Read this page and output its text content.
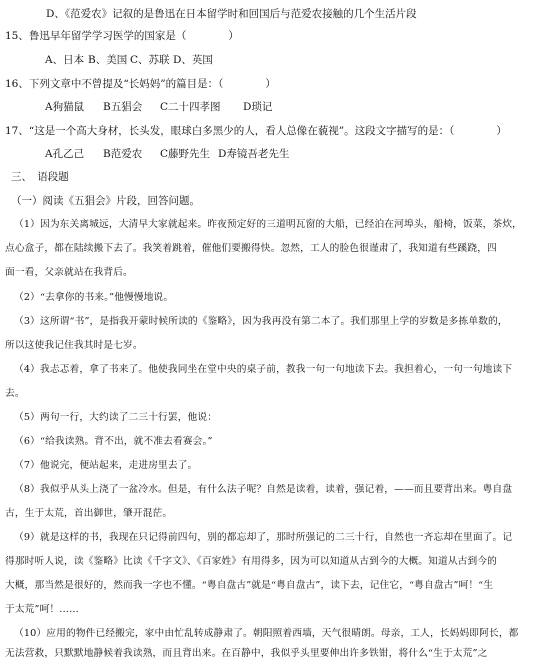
D、《范爱农》记叙的是鲁迅在日本留学时和回国后与范爱农接触的几个生活片段
15、鲁迅早年留学学习医学的国家是（　　　　）
A、日本 B、美国 C、苏联 D、英国
16、下列文章中不曾提及“长妈妈”的篇目是：（　　　　）
A狗猫鼠 B五猖会 C二十四孝图 D琐记
17、“这是一个高大身材，长头发，眼球白多黑少的人，看人总像在藐视”。这段文字描写的是：（　　　　）
A孔乙己 B范爱农 C藤野先生 D寿镜吾老先生
三、　语段题
（一）阅读《五猖会》片段，回答问题。
（1）因为东关离城远，大清早大家就起来。昨夜预定好的三道明瓦窗的大船，已经泊在河埠头，船椅，饭菜，茶炊，
点心盒子，都在陆续搬下去了。我笑着跳着，催他们要搬得快。忽然，工人的脸色很谨肃了，我知道有些蹊跷，四
面一看，父亲就站在我背后。
（2）“去拿你的书来。”他慢慢地说。
（3）这所谓“书”，是指我开蒙时候所读的《鉴略》，因为我再没有第二本了。我们那里上学的岁数是多拣单数的，
所以这使我记住我其时是七岁。
（4）我忐忑着，拿了书来了。他使我同坐在堂中央的桌子前，教我一句一句地读下去。我担着心，一句一句地读下
去。
（5）两句一行，大约读了二三十行罢，他说：
（6）“给我读熟。背不出，就不准去看赛会。”
（7）他说完，便站起来，走进房里去了。
（8）我似乎从头上浇了一盆冷水。但是，有什么法子呢？自然是读着，读着，强记着，——而且要背出来。粤自盘
古，生于太荒，首出御世，肇开混茫。
（9）就是这样的书，我现在只记得前四句，别的都忘却了，那时所强记的二三十行，自然也一齐忘却在里面了。记
得那时听人说，读《鉴略》比读《千字文》、《百家姓》有用得多，因为可以知道从古到今的大概。知道从古到今的
大概，那当然是很好的，然而我一字也不懂。“粤自盘古”就是“粤自盘古”，读下去，记住它，“粤自盘古”呵！“生
于太荒”呵！……
（10）应用的物件已经搬完，家中由忙乱转成静肃了。朝阳照着西墙，天气很晴朗。母亲，工人，长妈妈即阿长，都
无法营救，只默默地静候着我读熟，而且背出来。在百静中，我似乎头里要伸出许多铁钳，将什么“生于太荒”之
